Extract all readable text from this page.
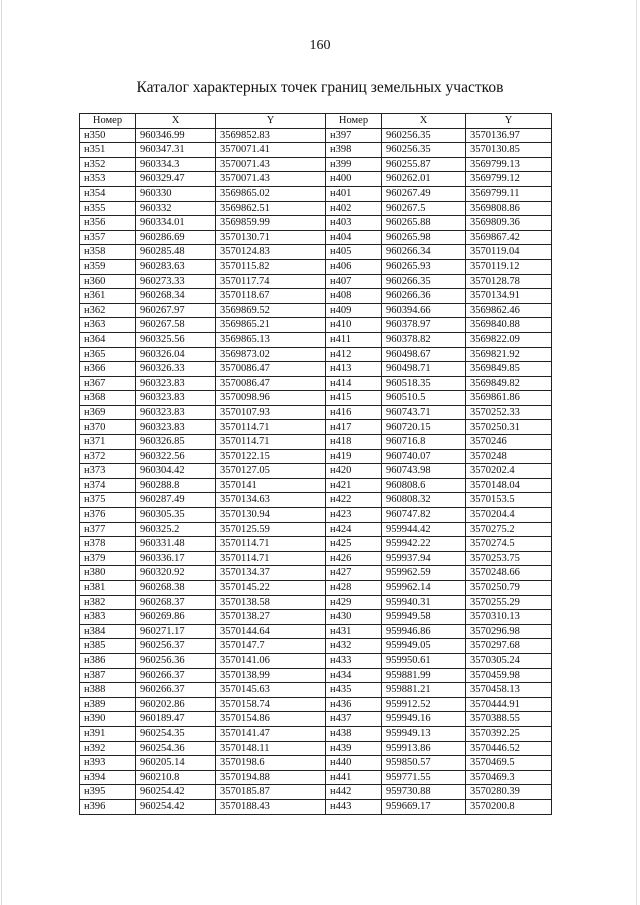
160
Каталог характерных точек границ земельных участков
Номер	X	Y	Номер	X	Y
н350	960346.99	3569852.83	н397	960256.35	3570136.97
н351	960347.31	3570071.41	н398	960256.35	3570130.85
н352	960334.3	3570071.43	н399	960255.87	3569799.13
н353	960329.47	3570071.43	н400	960262.01	3569799.12
н354	960330	3569865.02	н401	960267.49	3569799.11
н355	960332	3569862.51	н402	960267.5	3569808.86
н356	960334.01	3569859.99	н403	960265.88	3569809.36
н357	960286.69	3570130.71	н404	960265.98	3569867.42
н358	960285.48	3570124.83	н405	960266.34	3570119.04
н359	960283.63	3570115.82	н406	960265.93	3570119.12
н360	960273.33	3570117.74	н407	960266.35	3570128.78
н361	960268.34	3570118.67	н408	960266.36	3570134.91
н362	960267.97	3569869.52	н409	960394.66	3569862.46
н363	960267.58	3569865.21	н410	960378.97	3569840.88
н364	960325.56	3569865.13	н411	960378.82	3569822.09
н365	960326.04	3569873.02	н412	960498.67	3569821.92
н366	960326.33	3570086.47	н413	960498.71	3569849.85
н367	960323.83	3570086.47	н414	960518.35	3569849.82
н368	960323.83	3570098.96	н415	960510.5	3569861.86
н369	960323.83	3570107.93	н416	960743.71	3570252.33
н370	960323.83	3570114.71	н417	960720.15	3570250.31
н371	960326.85	3570114.71	н418	960716.8	3570246
н372	960322.56	3570122.15	н419	960740.07	3570248
н373	960304.42	3570127.05	н420	960743.98	3570202.4
н374	960288.8	3570141	н421	960808.6	3570148.04
н375	960287.49	3570134.63	н422	960808.32	3570153.5
н376	960305.35	3570130.94	н423	960747.82	3570204.4
н377	960325.2	3570125.59	н424	959944.42	3570275.2
н378	960331.48	3570114.71	н425	959942.22	3570274.5
н379	960336.17	3570114.71	н426	959937.94	3570253.75
н380	960320.92	3570134.37	н427	959962.59	3570248.66
н381	960268.38	3570145.22	н428	959962.14	3570250.79
н382	960268.37	3570138.58	н429	959940.31	3570255.29
н383	960269.86	3570138.27	н430	959949.58	3570310.13
н384	960271.17	3570144.64	н431	959946.86	3570296.98
н385	960256.37	3570147.7	н432	959949.05	3570297.68
н386	960256.36	3570141.06	н433	959950.61	3570305.24
н387	960266.37	3570138.99	н434	959881.99	3570459.98
н388	960266.37	3570145.63	н435	959881.21	3570458.13
н389	960202.86	3570158.74	н436	959912.52	3570444.91
н390	960189.47	3570154.86	н437	959949.16	3570388.55
н391	960254.35	3570141.47	н438	959949.13	3570392.25
н392	960254.36	3570148.11	н439	959913.86	3570446.52
н393	960205.14	3570198.6	н440	959850.57	3570469.5
н394	960210.8	3570194.88	н441	959771.55	3570469.3
н395	960254.42	3570185.87	н442	959730.88	3570280.39
н396	960254.42	3570188.43	н443	959669.17	3570200.8
